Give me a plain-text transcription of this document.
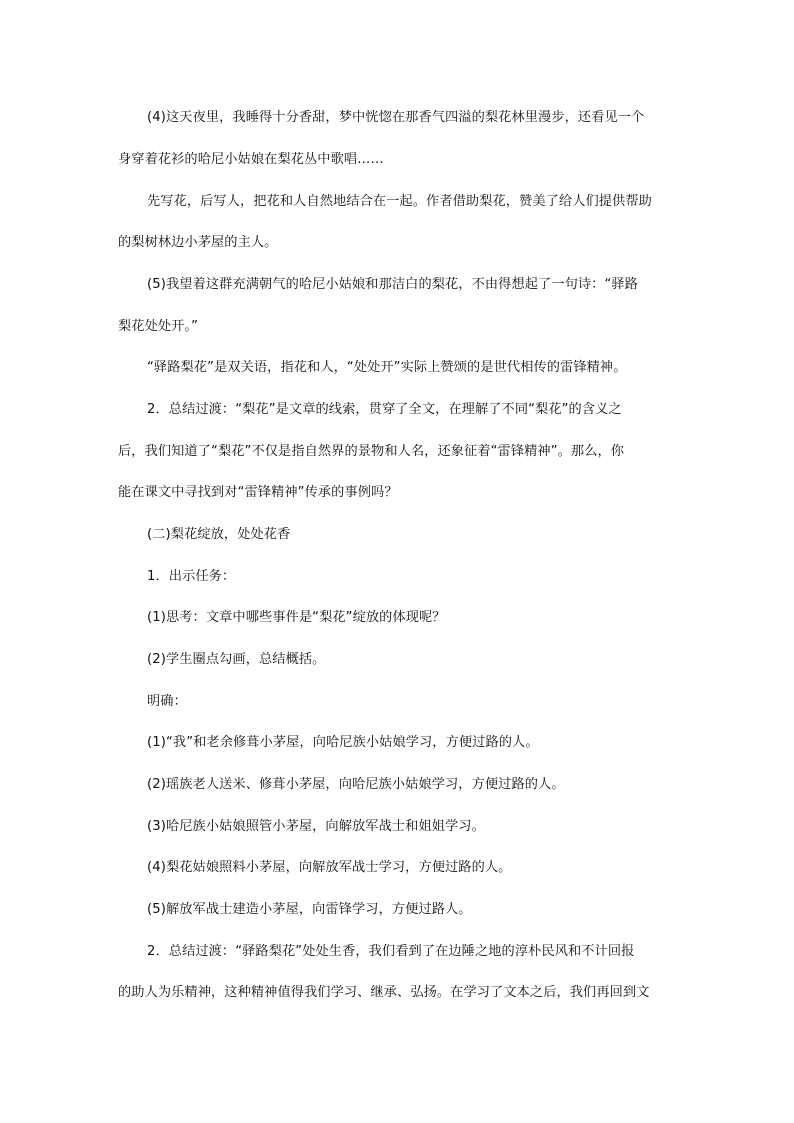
(4)这天夜里，我睡得十分香甜，梦中恍惚在那香气四溢的梨花林里漫步，还看见一个
身穿着花衫的哈尼小姑娘在梨花丛中歌唱……
先写花，后写人，把花和人自然地结合在一起。作者借助梨花，赞美了给人们提供帮助
的梨树林边小茅屋的主人。
(5)我望着这群充满朝气的哈尼小姑娘和那洁白的梨花，不由得想起了一句诗：“驿路
梨花处处开。”
“驿路梨花”是双关语，指花和人，“处处开”实际上赞颂的是世代相传的雷锋精神。
2．总结过渡：“梨花”是文章的线索，贯穿了全文，在理解了不同“梨花”的含义之
后，我们知道了“梨花”不仅是指自然界的景物和人名，还象征着“雷锋精神”。那么，你
能在课文中寻找到对“雷锋精神”传承的事例吗？
(二)梨花绽放，处处花香
1．出示任务：
(1)思考：文章中哪些事件是“梨花”绽放的体现呢？
(2)学生圈点勾画，总结概括。
明确：
(1)“我”和老余修葺小茅屋，向哈尼族小姑娘学习，方便过路的人。
(2)瑶族老人送米、修葺小茅屋，向哈尼族小姑娘学习，方便过路的人。
(3)哈尼族小姑娘照管小茅屋，向解放军战士和姐姐学习。
(4)梨花姑娘照料小茅屋，向解放军战士学习，方便过路的人。
(5)解放军战士建造小茅屋，向雷锋学习，方便过路人。
2．总结过渡：“驿路梨花”处处生香，我们看到了在边陲之地的淳朴民风和不计回报
的助人为乐精神，这种精神值得我们学习、继承、弘扬。在学习了文本之后，我们再回到文
